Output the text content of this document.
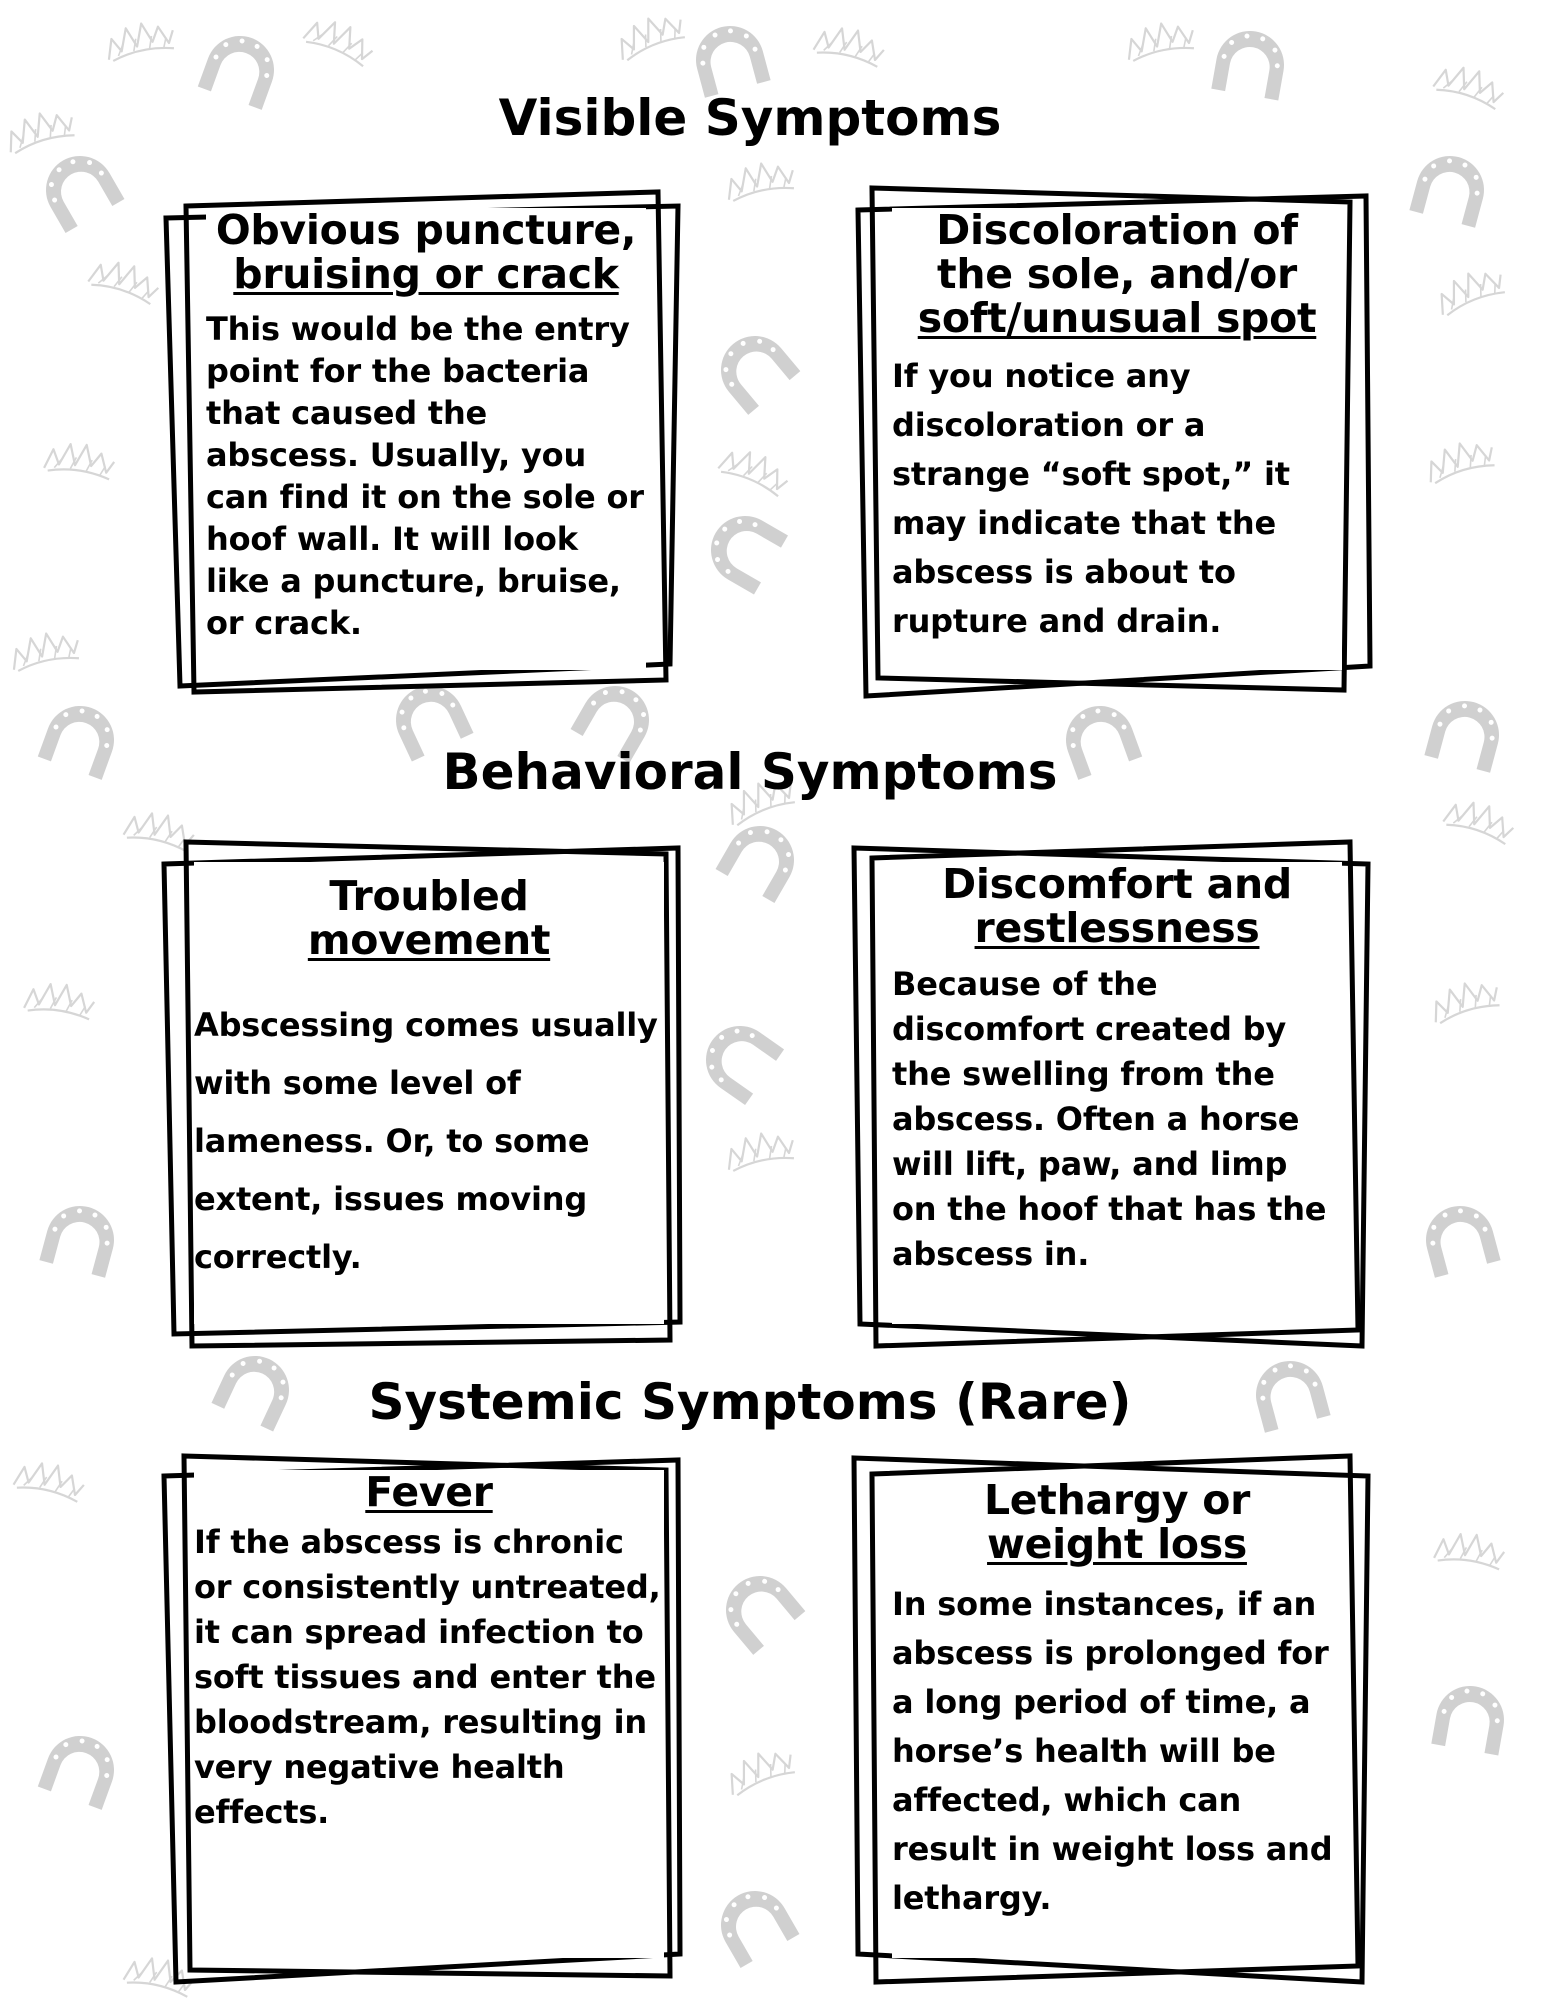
Visible Symptoms
Behavioral Symptoms
Systemic Symptoms (Rare)
Obvious puncture,
bruising or crack

This would be the entry point for the bacteria that caused the abscess. Usually, you can find it on the sole or hoof wall. It will look like a puncture, bruise, or crack.

Discoloration of the sole, and/or
soft/unusual spot

If you notice any discoloration or a strange “soft spot,” it may indicate that the abscess is about to rupture and drain.

Troubled
movement

Abscessing comes usually with some level of lameness. Or, to some extent, issues moving correctly.

Discomfort and
restlessness

Because of the discomfort created by the swelling from the abscess. Often a horse will lift, paw, and limp on the hoof that has the abscess in.

Fever

If the abscess is chronic or consistently untreated, it can spread infection to soft tissues and enter the bloodstream, resulting in very negative health effects.

Lethargy or
weight loss

In some instances, if an abscess is prolonged for a long period of time, a horse’s health will be affected, which can result in weight loss and lethargy.
